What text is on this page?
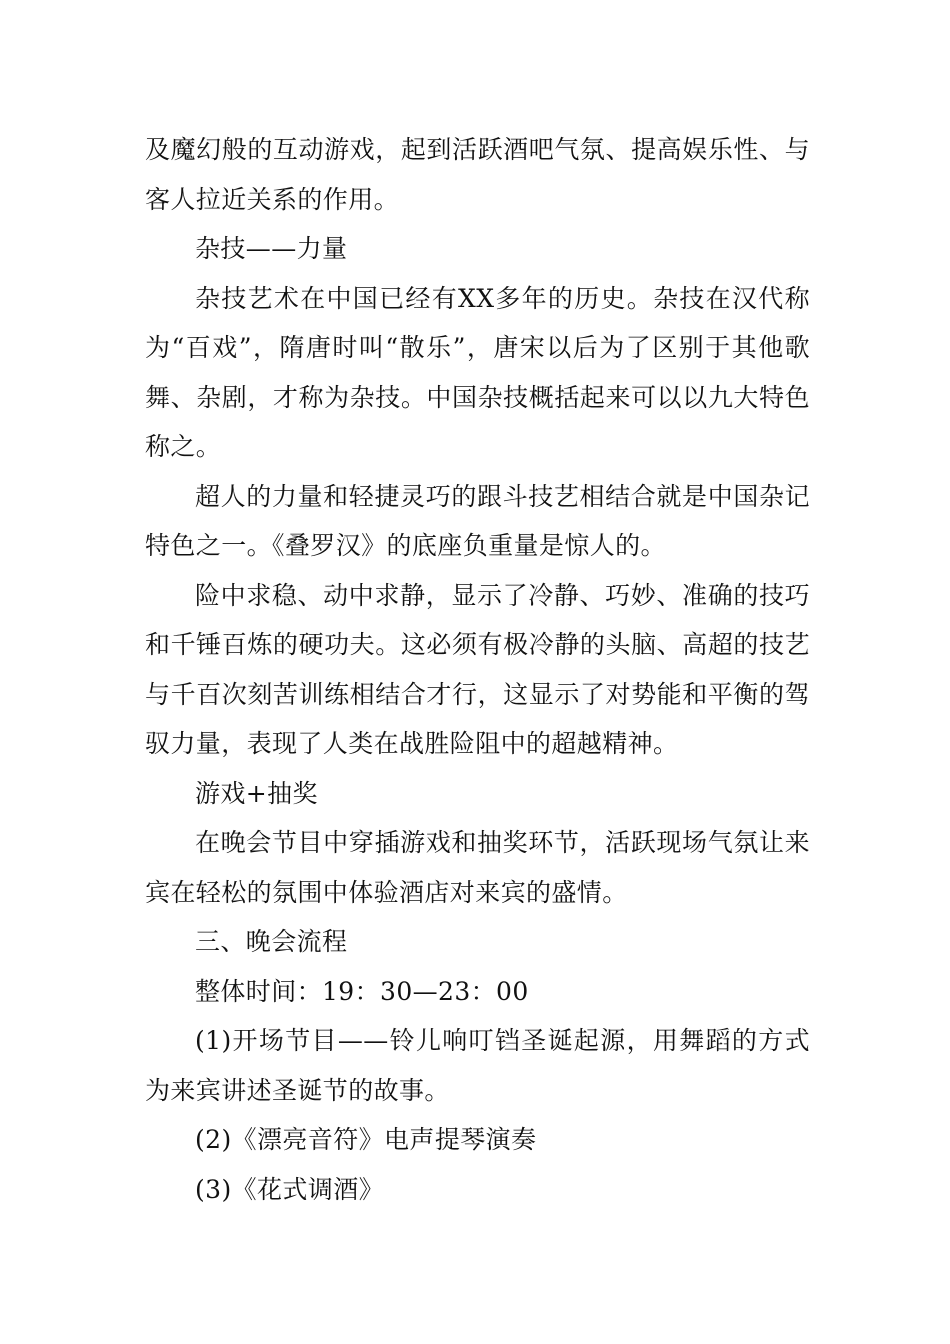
及魔幻般的互动游戏，起到活跃酒吧气氛、提高娱乐性、与客人拉近关系的作用。

杂技——力量

杂技艺术在中国已经有XX多年的历史。杂技在汉代称为“百戏”，隋唐时叫“散乐”，唐宋以后为了区别于其他歌舞、杂剧，才称为杂技。中国杂技概括起来可以以九大特色称之。

超人的力量和轻捷灵巧的跟斗技艺相结合就是中国杂记特色之一。《叠罗汉》的底座负重量是惊人的。

险中求稳、动中求静，显示了冷静、巧妙、准确的技巧和千锤百炼的硬功夫。这必须有极冷静的头脑、高超的技艺与千百次刻苦训练相结合才行，这显示了对势能和平衡的驾驭力量，表现了人类在战胜险阻中的超越精神。

游戏+抽奖

在晚会节目中穿插游戏和抽奖环节，活跃现场气氛让来宾在轻松的氛围中体验酒店对来宾的盛情。

三、晚会流程

整体时间：19：30—23：00

(1)开场节目——铃儿响叮铛圣诞起源，用舞蹈的方式为来宾讲述圣诞节的故事。

(2)《漂亮音符》电声提琴演奏

(3)《花式调酒》
